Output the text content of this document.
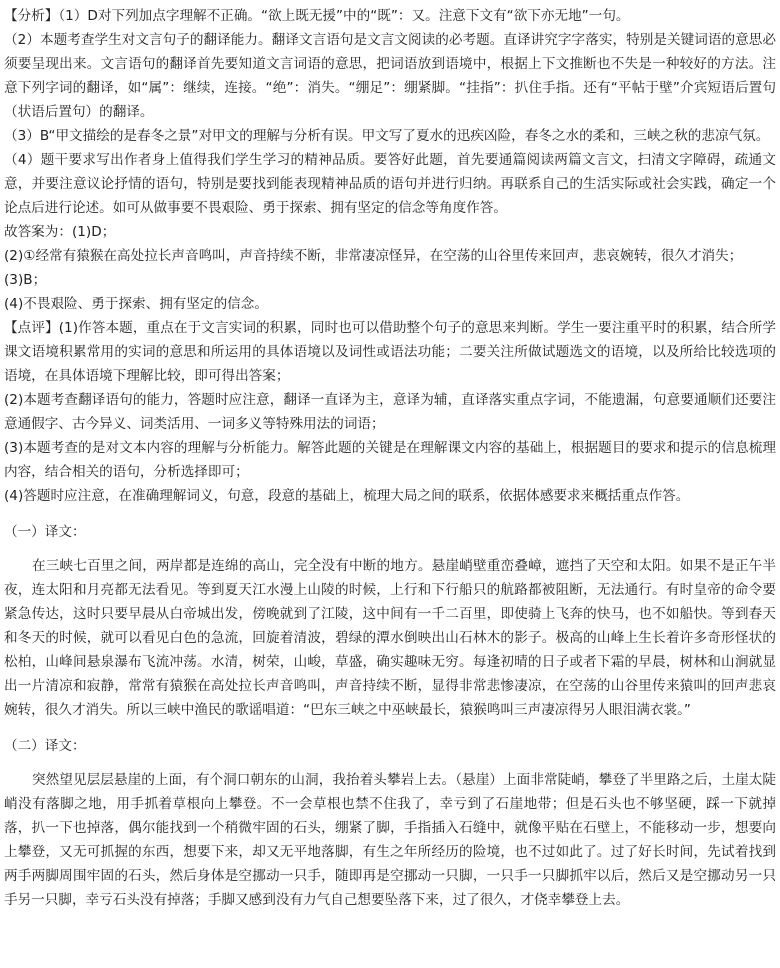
【分析】（1）D对下列加点字理解不正确。“欲上既无援”中的“既”：又。注意下文有“欲下亦无地”一句。

（2）本题考查学生对文言句子的翻译能力。翻译文言语句是文言文阅读的必考题。直译讲究字字落实，特别是关键词语的意思必须要呈现出来。文言语句的翻译首先要知道文言词语的意思，把词语放到语境中，根据上下文推断也不失是一种较好的方法。注意下列字词的翻译，如“属”：继续，连接。“绝”：消失。“绷足”：绷紧脚。“挂指”：扒住手指。还有“平帖于壁”介宾短语后置句（状语后置句）的翻译。

（3）B“甲文描绘的是春冬之景”对甲文的理解与分析有误。甲文写了夏水的迅疾凶险，春冬之水的柔和，三峡之秋的悲凉气氛。

（4）题干要求写出作者身上值得我们学生学习的精神品质。要答好此题，首先要通篇阅读两篇文言文，扫清文字障碍，疏通文意，并要注意议论抒情的语句，特别是要找到能表现精神品质的语句并进行归纳。再联系自己的生活实际或社会实践，确定一个论点后进行论述。如可从做事要不畏艰险、勇于探索、拥有坚定的信念等角度作答。

故答案为：(1)D；

(2)①经常有猿猴在高处拉长声音鸣叫，声音持续不断，非常凄凉怪异，在空荡的山谷里传来回声，悲哀婉转，很久才消失；

(3)B；

(4)不畏艰险、勇于探索、拥有坚定的信念。

【点评】(1)作答本题，重点在于文言实词的积累，同时也可以借助整个句子的意思来判断。学生一要注重平时的积累，结合所学课文语境积累常用的实词的意思和所运用的具体语境以及词性或语法功能；二要关注所做试题选文的语境，以及所给比较选项的语境，在具体语境下理解比较，即可得出答案；

(2)本题考查翻译语句的能力，答题时应注意，翻译一直译为主，意译为辅，直译落实重点字词，不能遗漏，句意要通顺们还要注意通假字、古今异义、词类活用、一词多义等特殊用法的词语；

(3)本题考查的是对文本内容的理解与分析能力。解答此题的关键是在理解课文内容的基础上，根据题目的要求和提示的信息梳理内容，结合相关的语句，分析选择即可；

(4)答题时应注意，在准确理解词义，句意，段意的基础上，梳理大局之间的联系，依据体感要求来概括重点作答。

（一）译文：

在三峡七百里之间，两岸都是连绵的高山，完全没有中断的地方。悬崖峭壁重峦叠嶂，遮挡了天空和太阳。如果不是正午半夜，连太阳和月亮都无法看见。等到夏天江水漫上山陵的时候，上行和下行船只的航路都被阻断，无法通行。有时皇帝的命令要紧急传达，这时只要早晨从白帝城出发，傍晚就到了江陵，这中间有一千二百里，即使骑上飞奔的快马，也不如船快。等到春天和冬天的时候，就可以看见白色的急流，回旋着清波，碧绿的潭水倒映出山石林木的影子。极高的山峰上生长着许多奇形怪状的松柏，山峰间悬泉瀑布飞流冲荡。水清，树荣，山峻，草盛，确实趣味无穷。每逢初晴的日子或者下霜的早晨，树林和山涧就显出一片清凉和寂静，常常有猿猴在高处拉长声音鸣叫，声音持续不断，显得非常悲惨凄凉，在空荡的山谷里传来猿叫的回声悲哀婉转，很久才消失。所以三峡中渔民的歌谣唱道：“巴东三峡之中巫峡最长，猿猴鸣叫三声凄凉得另人眼泪满衣裳。”

（二）译文：

突然望见层层悬崖的上面，有个洞口朝东的山洞，我抬着头攀岩上去。（悬崖）上面非常陡峭，攀登了半里路之后，土崖太陡峭没有落脚之地，用手抓着草根向上攀登。不一会草根也禁不住我了，幸亏到了石崖地带；但是石头也不够坚硬，踩一下就掉落，扒一下也掉落，偶尔能找到一个稍微牢固的石头，绷紧了脚，手指插入石缝中，就像平贴在石壁上，不能移动一步，想要向上攀登，又无可抓握的东西，想要下来，却又无平地落脚，有生之年所经历的险境，也不过如此了。过了好长时间，先试着找到两手两脚周围牢固的石头，然后身体是空挪动一只手，随即再是空挪动一只脚，一只手一只脚抓牢以后，然后又是空挪动另一只手另一只脚，幸亏石头没有掉落；手脚又感到没有力气自己想要坠落下来，过了很久，才侥幸攀登上去。
